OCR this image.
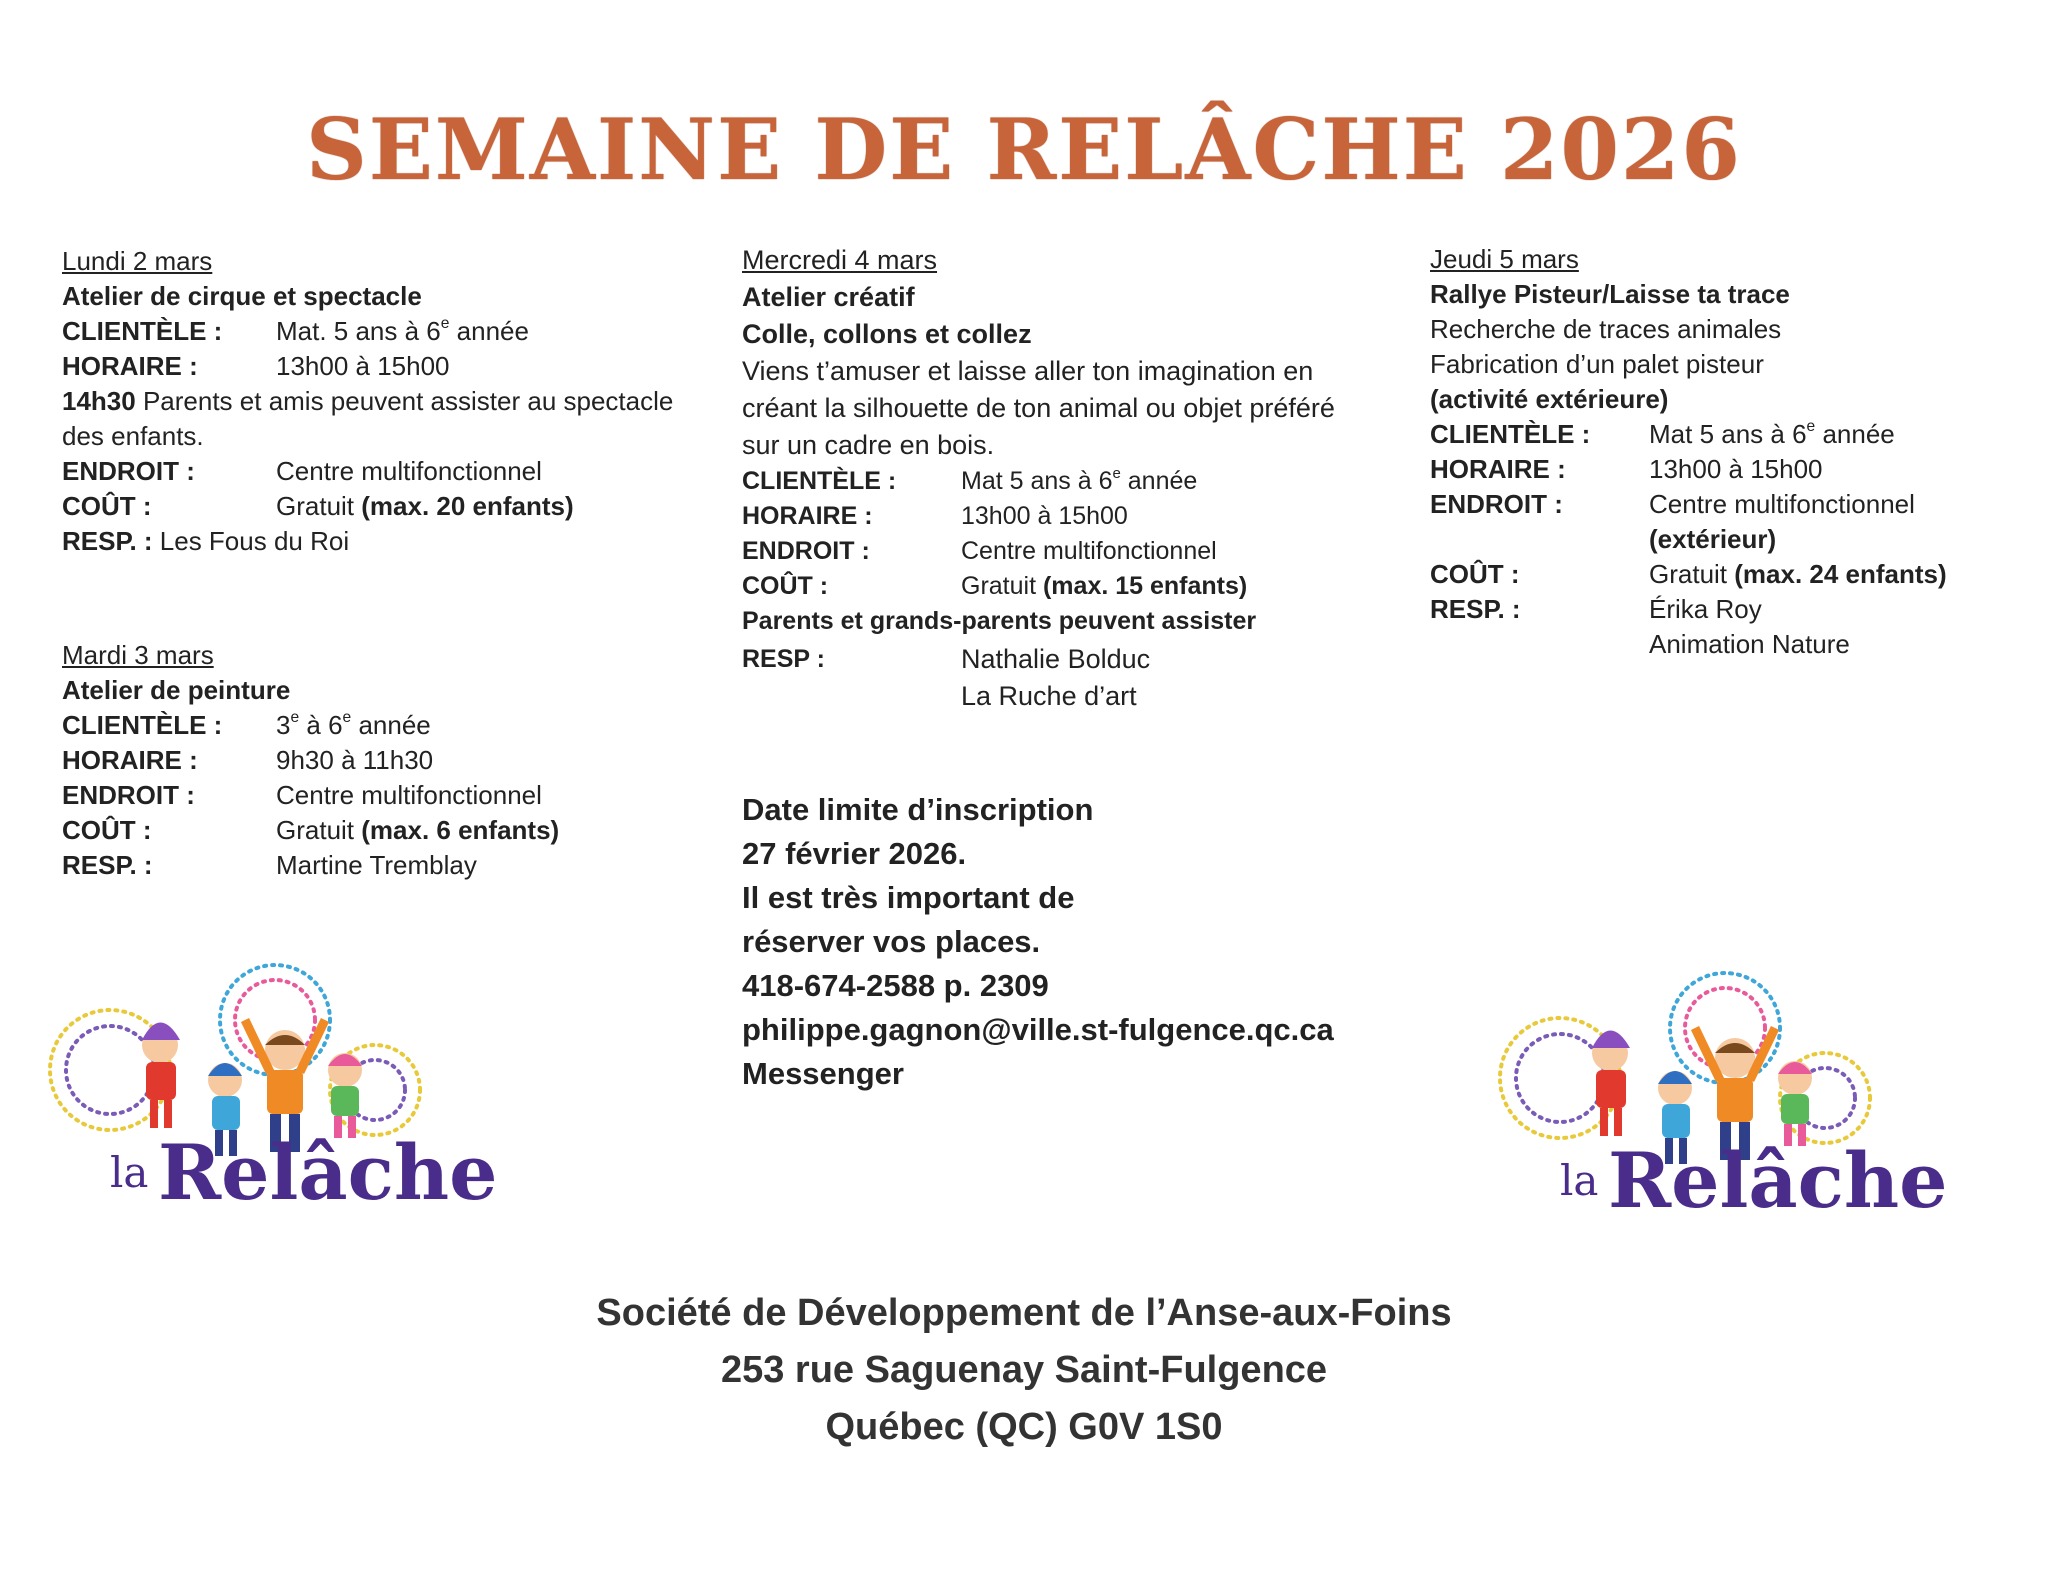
SEMAINE DE RELÂCHE 2026
Lundi 2 mars
Atelier de cirque et spectacle
CLIENTÈLE :	Mat. 5 ans à 6e année
HORAIRE :	13h00 à 15h00
14h30 Parents et amis peuvent assister au spectacle des enfants.
ENDROIT :	Centre multifonctionnel
COÛT :	Gratuit (max. 20 enfants)
RESP. : Les Fous du Roi
Mardi 3 mars
Atelier de peinture
CLIENTÈLE :	3e à 6e année
HORAIRE :	9h30 à 11h30
ENDROIT :	Centre multifonctionnel
COÛT :	Gratuit (max. 6 enfants)
RESP. :	Martine Tremblay
Mercredi 4 mars
Atelier créatif
Colle, collons et collez
Viens t’amuser et laisse aller ton imagination en créant la silhouette de ton animal ou objet préféré sur un cadre en bois.
CLIENTÈLE :	Mat 5 ans à 6e année
HORAIRE :	13h00 à 15h00
ENDROIT :	Centre multifonctionnel
COÛT :	Gratuit (max. 15 enfants)
Parents et grands-parents peuvent assister
RESP :	Nathalie Bolduc
La Ruche d’art
Jeudi 5 mars
Rallye Pisteur/Laisse ta trace
Recherche de traces animales
Fabrication d’un palet pisteur
(activité extérieure)
CLIENTÈLE :	Mat 5 ans à 6e année
HORAIRE :	13h00 à 15h00
ENDROIT :	Centre multifonctionnel
(extérieur)
COÛT :	Gratuit (max. 24 enfants)
RESP. :	Érika Roy
Animation Nature
Date limite d’inscription
27 février 2026.
Il est très important de
réserver vos places.
418-674-2588 p. 2309
philippe.gagnon@ville.st-fulgence.qc.ca
Messenger
la Relâche	la Relâche
Société de Développement de l’Anse-aux-Foins
253 rue Saguenay Saint-Fulgence
Québec (QC) G0V 1S0
